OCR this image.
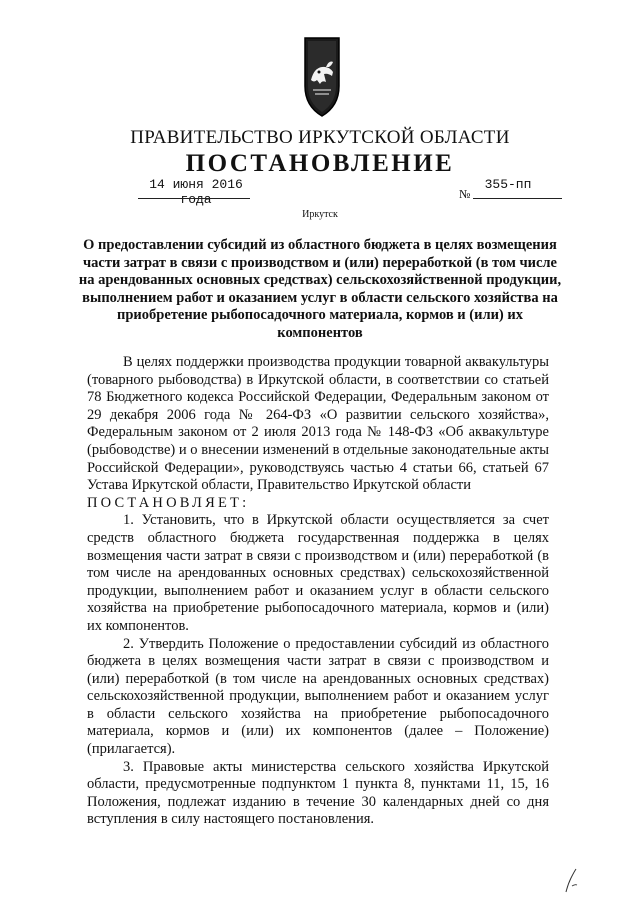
ПРАВИТЕЛЬСТВО ИРКУТСКОЙ ОБЛАСТИ
ПОСТАНОВЛЕНИЕ
14 июня 2016 года	№
355-пп
Иркутск
О предоставлении субсидий из областного бюджета в целях возмещения части затрат в связи с производством и (или) переработкой (в том числе на арендованных основных средствах) сельскохозяйственной продукции, выполнением работ и оказанием услуг в области сельского хозяйства на приобретение рыбопосадочного материала, кормов и (или) их компонентов

В целях поддержки производства продукции товарной аквакультуры (товарного рыбоводства) в Иркутской области, в соответствии со статьей 78 Бюджетного кодекса Российской Федерации, Федеральным законом от 29 декабря 2006 года № 264-ФЗ «О развитии сельского хозяйства», Федеральным законом от 2 июля 2013 года № 148-ФЗ «Об аквакультуре (рыбоводстве) и о внесении изменений в отдельные законодательные акты Российской Федерации», руководствуясь частью 4 статьи 66, статьей 67 Устава Иркутской области, Правительство Иркутской области

ПОСТАНОВЛЯЕТ:

1. Установить, что в Иркутской области осуществляется за счет средств областного бюджета государственная поддержка в целях возмещения части затрат в связи с производством и (или) переработкой (в том числе на арендованных основных средствах) сельскохозяйственной продукции, выполнением работ и оказанием услуг в области сельского хозяйства на приобретение рыбопосадочного материала, кормов и (или) их компонентов.

2. Утвердить Положение о предоставлении субсидий из областного бюджета в целях возмещения части затрат в связи с производством и (или) переработкой (в том числе на арендованных основных средствах) сельскохозяйственной продукции, выполнением работ и оказанием услуг в области сельского хозяйства на приобретение рыбопосадочного материала, кормов и (или) их компонентов (далее – Положение) (прилагается).

3. Правовые акты министерства сельского хозяйства Иркутской области, предусмотренные подпунктом 1 пункта 8, пунктами 11, 15, 16 Положения, подлежат изданию в течение 30 календарных дней со дня вступления в силу настоящего постановления.
